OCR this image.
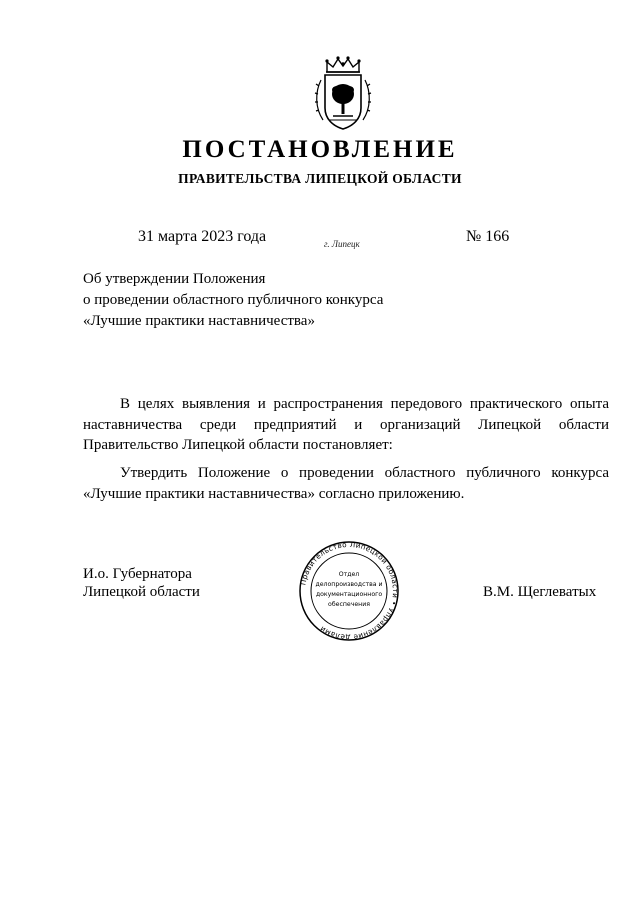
ПОСТАНОВЛЕНИЕ
ПРАВИТЕЛЬСТВА ЛИПЕЦКОЙ ОБЛАСТИ
31 марта 2023 года	г. Липецк	№ 166
Об утверждении Положения
о проведении областного публичного конкурса
«Лучшие практики наставничества»
В целях выявления и распространения передового практического опыта
наставничества среди предприятий и организаций Липецкой области
Правительство Липецкой области постановляет:
Утвердить Положение о проведении областного публичного конкурса
«Лучшие практики наставничества» согласно приложению.
Правительство Липецкой области • Управление делами
Отдел
делопроизводства и
документационного
обеспечения
И.о. Губернатора
Липецкой области	В.М. Щеглеватых
